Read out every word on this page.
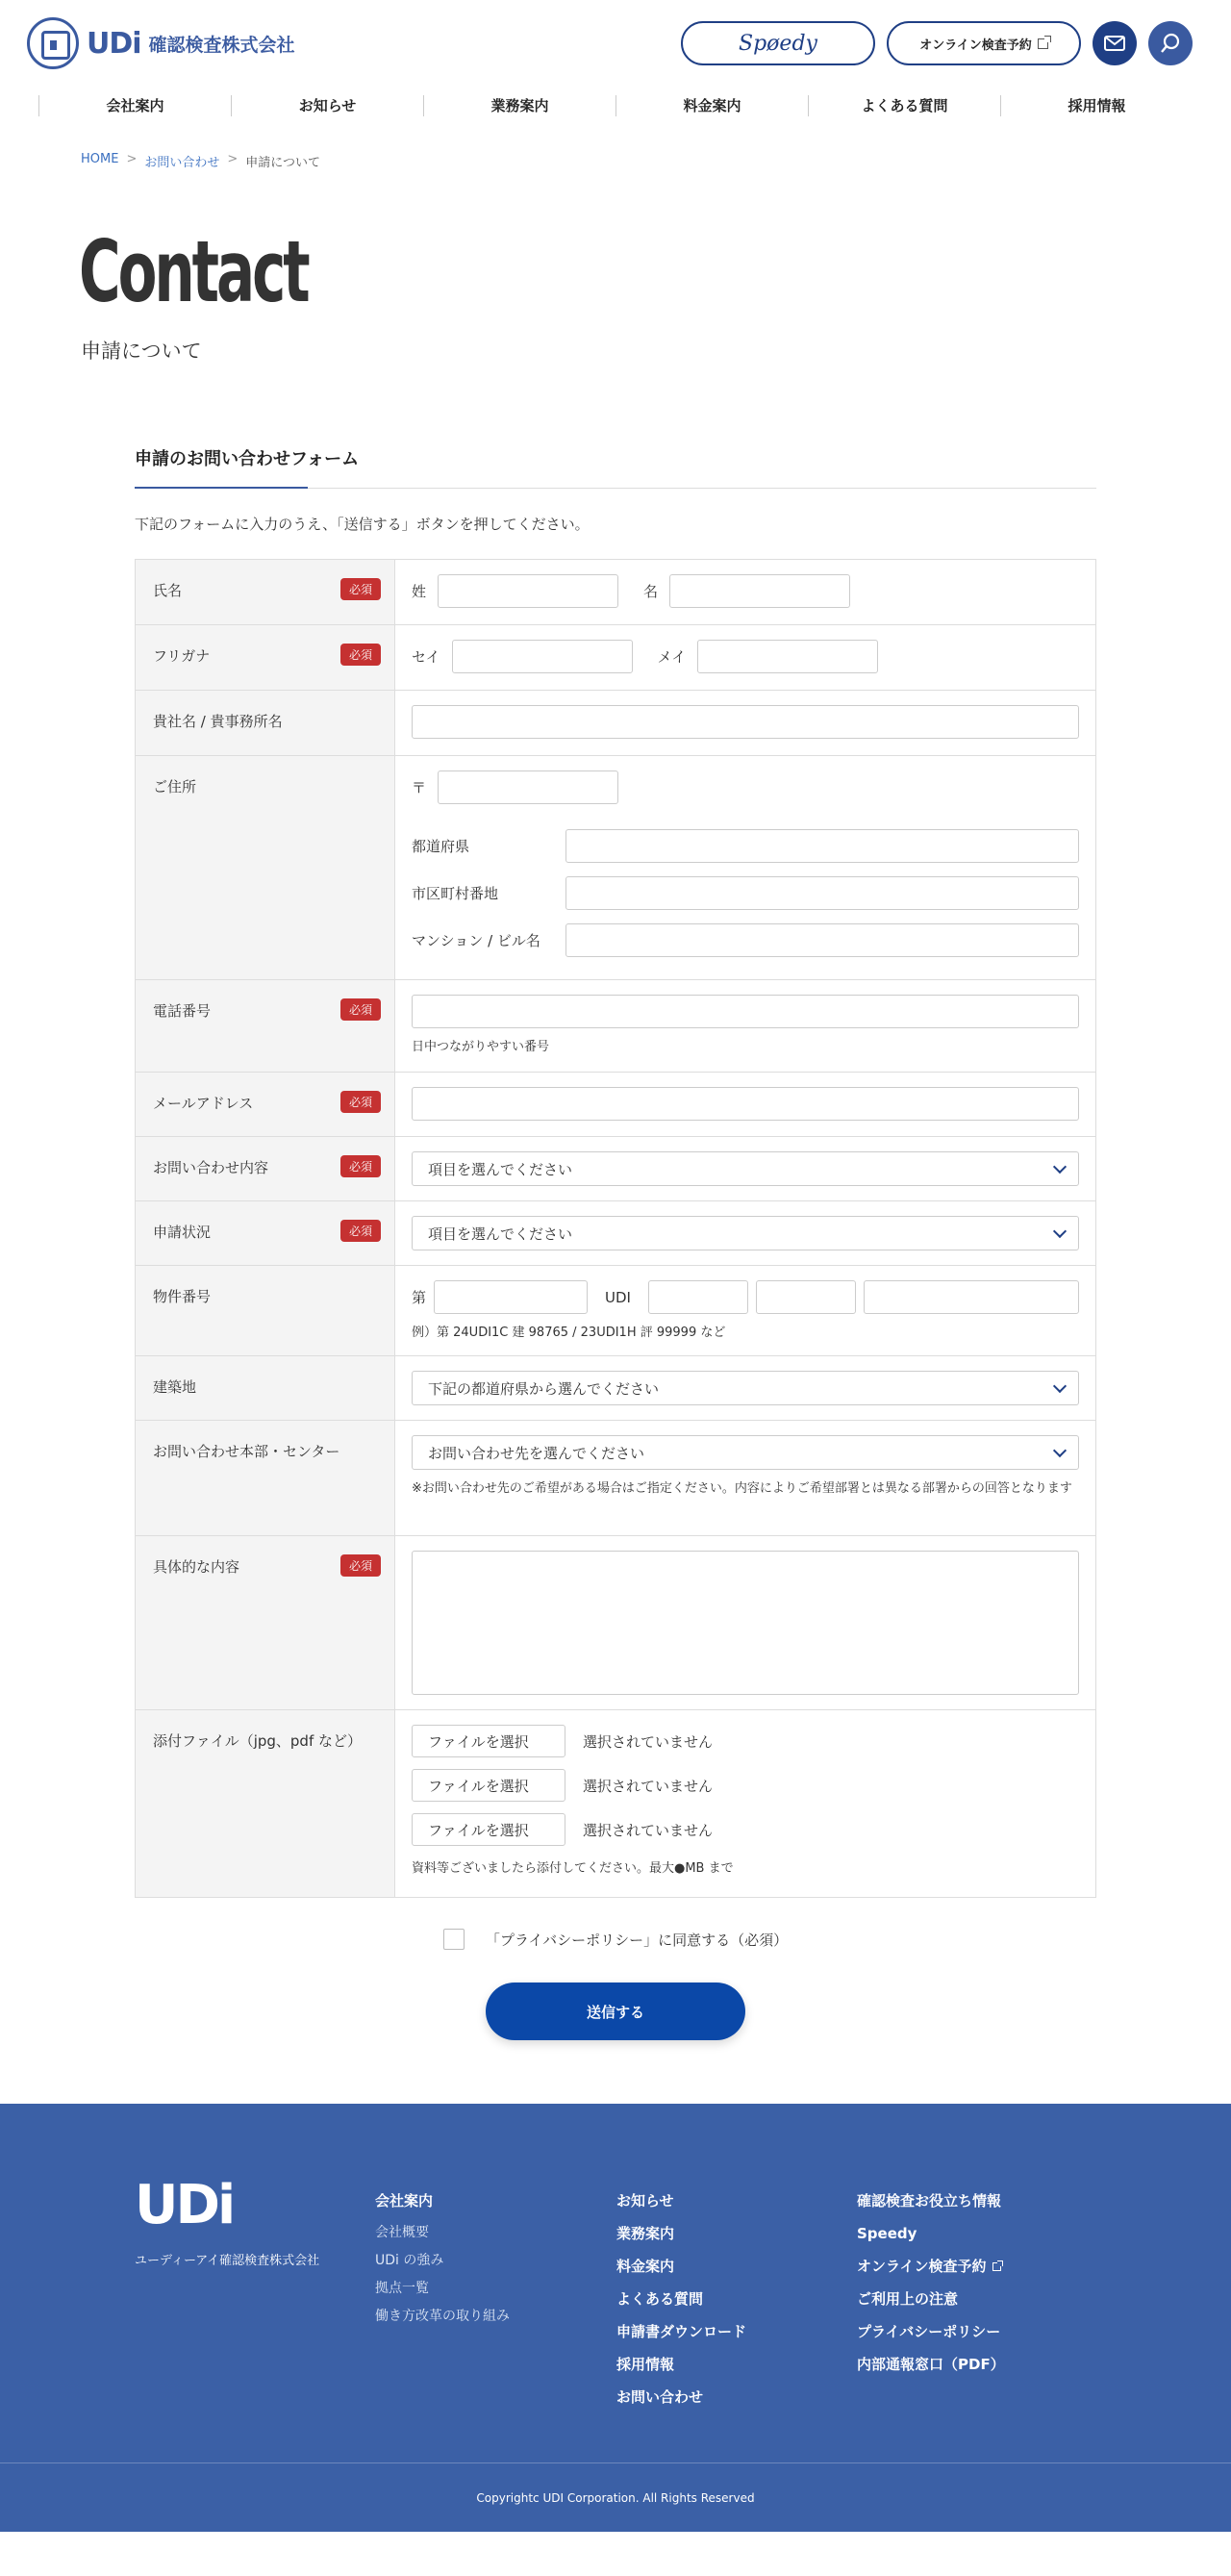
UDi 確認検査株式会社	Spøedy	オンライン検査予約
会社案内	お知らせ	業務案内	料金案内	よくある質問	採用情報
HOME > お問い合わせ > 申請について
Contact
申請について
申請のお問い合わせフォーム

下記のフォームに入力のうえ、「送信する」ボタンを押してください。

氏名	必須	姓	名
フリガナ	必須	セイ	メイ
貴社名 / 貴事務所名
ご住所	〒
都道府県
市区町村番地
マンション / ビル名
電話番号	必須
日中つながりやすい番号
メールアドレス	必須
お問い合わせ内容	必須	項目を選んでください
申請状況	必須	項目を選んでください
物件番号	第	UDI
例）第 24UDI1C 建 98765 / 23UDI1H 評 99999 など
建築地	下記の都道府県から選んでください
お問い合わせ本部・センター	お問い合わせ先を選んでください
※お問い合わせ先のご希望がある場合はご指定ください。内容によりご希望部署とは異なる部署からの回答となります
具体的な内容	必須
添付ファイル（jpg、pdf など）	ファイルを選択	選択されていません
ファイルを選択	選択されていません
ファイルを選択	選択されていません
資料等ございましたら添付してください。最大●MB まで
「プライバシーポリシー」に同意する（必須）
送信する
UDi
ユーディーアイ確認検査株式会社
会社案内
会社概要
UDi の強み
拠点一覧
働き方改革の取り組み
お知らせ
業務案内
料金案内
よくある質問
申請書ダウンロード
採用情報
お問い合わせ
確認検査お役立ち情報
Speedy
オンライン検査予約
ご利用上の注意
プライバシーポリシー
内部通報窓口（PDF）
Copyrightc UDI Corporation. All Rights Reserved
